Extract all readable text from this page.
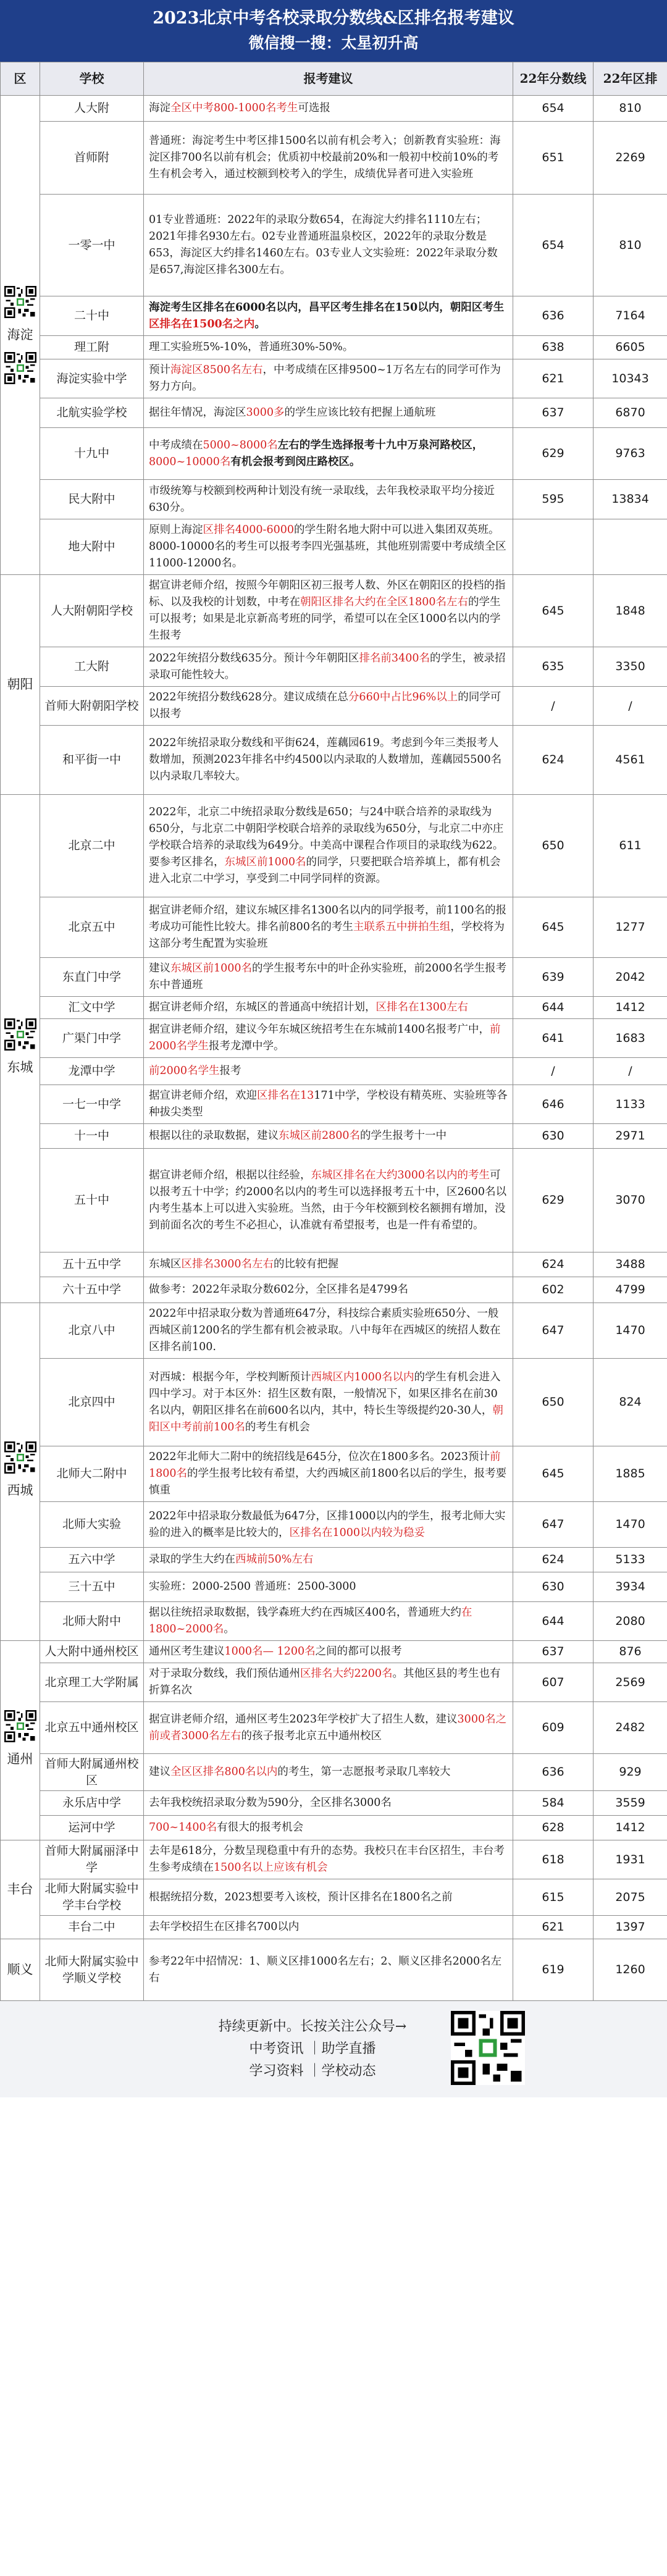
2023北京中考各校录取分数线&区排名报考建议
微信搜一搜：太星初升高
区	学校	报考建议	22年分数线	22年区排

海淀	人大附	海淀全区中考800-1000名考生可选报	654	810
	首师附	普通班：海淀考生中考区排1500名以前有机会考入；创新教育实验班：海淀区排700名以前有机会；优质初中校最前20%和一般初中校前10%的考生有机会考入，通过校额到校考入的学生，成绩优异者可进入实验班	651	2269
	一零一中	01专业普通班：2022年的录取分数654，在海淀大约排名1110左右；2021年排名930左右。02专业普通班温泉校区，2022年的录取分数是653，海淀区大约排名1460左右。03专业人文实验班：2022年录取分数是657,海淀区排名300左右。	654	810
	二十中	海淀考生区排名在6000名以内，昌平区考生排名在150以内，朝阳区考生区排名在1500名之内。	636	7164
	理工附	理工实验班5%-10%，普通班30%-50%。	638	6605
	海淀实验中学	预计海淀区8500名左右，中考成绩在区排9500~1万名左右的同学可作为努力方向。	621	10343
	北航实验学校	据往年情况，海淀区3000多的学生应该比较有把握上通航班	637	6870
	十九中	中考成绩在5000~8000名左右的学生选择报考十九中万泉河路校区，8000~10000名有机会报考到闵庄路校区。	629	9763
	民大附中	市级统筹与校额到校两种计划没有统一录取线，去年我校录取平均分接近630分。	595	13834
	地大附中	原则上海淀区排名4000-6000的学生附名地大附中可以进入集团双英班。8000-10000名的考生可以报考李四光强基班，其他班别需要中考成绩全区11000-12000名。		

朝阳	人大附朝阳学校	据宣讲老师介绍，按照今年朝阳区初三报考人数、外区在朝阳区的投档的指标、以及我校的计划数，中考在朝阳区排名大约在全区1800名左右的学生可以报考；如果是北京新高考班的同学，希望可以在全区1000名以内的学生报考	645	1848
	工大附	2022年统招分数线635分。预计今年朝阳区排名前3400名的学生，被录招录取可能性较大。	635	3350
	首师大附朝阳学校	2022年统招分数线628分。建议成绩在总分660中占比96%以上的同学可以报考	/	/
	和平街一中	2022年统招录取分数线和平街624，莲藕园619。考虑到今年三类报考人数增加，预测2023年排名中约4500以内录取的人数增加，莲藕园5500名以内录取几率较大。	624	4561

东城	北京二中	2022年，北京二中统招录取分数线是650；与24中联合培养的录取线为650分，与北京二中朝阳学校联合培养的录取线为650分，与北京二中亦庄学校联合培养的录取线为649分。中美高中课程合作项目的录取线为622。要参考区排名，东城区前1000名的同学，只要把联合培养填上，都有机会进入北京二中学习，享受到二中同学同样的资源。	650	611
	北京五中	据宣讲老师介绍，建议东城区排名1300名以内的同学报考，前1100名的报考成功可能性比较大。排名前800名的考生主联系五中拼拍生组，学校将为这部分考生配置为实验班	645	1277
	东直门中学	建议东城区前1000名的学生报考东中的叶企孙实验班，前2000名学生报考东中普通班	639	2042
	汇文中学	据宣讲老师介绍，东城区的普通高中统招计划，区排名在1300左右	644	1412
	广渠门中学	据宣讲老师介绍，建议今年东城区统招考生在东城前1400名报考广中，前2000名学生报考龙潭中学。	641	1683
	龙潭中学	前2000名学生报考	/	/
	一七一中学	据宣讲老师介绍，欢迎区排名在13171中学，学校设有精英班、实验班等各种拔尖类型	646	1133
	十一中	根据以往的录取数据，建议东城区前2800名的学生报考十一中	630	2971
	五十中	据宣讲老师介绍，根据以往经验，东城区排名在大约3000名以内的考生可以报考五十中学；约2000名以内的考生可以选择报考五十中，区2600名以内考生基本上可以进入实验班。当然，由于今年校额到校名额拥有增加，没到前面名次的考生不必担心，认准就有希望报考，也是一件有希望的。	629	3070
	五十五中学	东城区区排名3000名左右的比较有把握	624	3488
	六十五中学	做参考：2022年录取分数602分，全区排名是4799名	602	4799

西城	北京八中	2022年中招录取分数为普通班647分，科技综合素质实验班650分、一般西城区前1200名的学生都有机会被录取。八中每年在西城区的统招人数在区排名前100.	647	1470
	北京四中	对西城：根据今年，学校判断预计西城区内1000名以内的学生有机会进入四中学习。对于本区外：招生区数有限，一般情况下，如果区排名在前30名以内，朝阳区排名在前600名以内，其中，特长生等级提约20-30人，朝阳区中考前前100名的考生有机会	650	824
	北师大二附中	2022年北师大二附中的统招线是645分，位次在1800多名。2023预计前1800名的学生报考比较有希望，大约西城区前1800名以后的学生，报考要慎重	645	1885
	北师大实验	2022年中招录取分数最低为647分，区排1000以内的学生，报考北师大实验的进入的概率是比较大的，区排名在1000以内较为稳妥	647	1470
	五六中学	录取的学生大约在西城前50%左右	624	5133
	三十五中	实验班：2000-2500 普通班：2500-3000	630	3934
	北师大附中	据以往统招录取数据，钱学森班大约在西城区400名，普通班大约在1800~2000名。	644	2080

通州	人大附中通州校区	通州区考生建议1000名— 1200名之间的都可以报考	637	876
	北京理工大学附属	对于录取分数线，我们预估通州区排名大约2200名。其他区县的考生也有折算名次	607	2569
	北京五中通州校区	据宣讲老师介绍，通州区考生2023年学校扩大了招生人数，建议3000名之前或者3000名左右的孩子报考北京五中通州校区	609	2482
	首师大附属通州校区	建议全区区排名800名以内的考生，第一志愿报考录取几率较大	636	929
	永乐店中学	去年我校统招录取分数为590分，全区排名3000名	584	3559
	运河中学	700~1400名有很大的报考机会	628	1412

丰台	首师大附属丽泽中学	去年是618分，分数呈现稳重中有升的态势。我校只在丰台区招生，丰台考生参考成绩在1500名以上应该有机会	618	1931
	北师大附属实验中学丰台学校	根据统招分数，2023想要考入该校，预计区排名在1800名之前	615	2075
	丰台二中	去年学校招生在区排名700以内	621	1397

顺义	北师大附属实验中学顺义学校	参考22年中招情况：1、顺义区排1000名左右；2、顺义区排名2000名左右	619	1260
持续更新中。长按关注公众号→
中考资讯 ｜助学直播
学习资料 ｜学校动态
